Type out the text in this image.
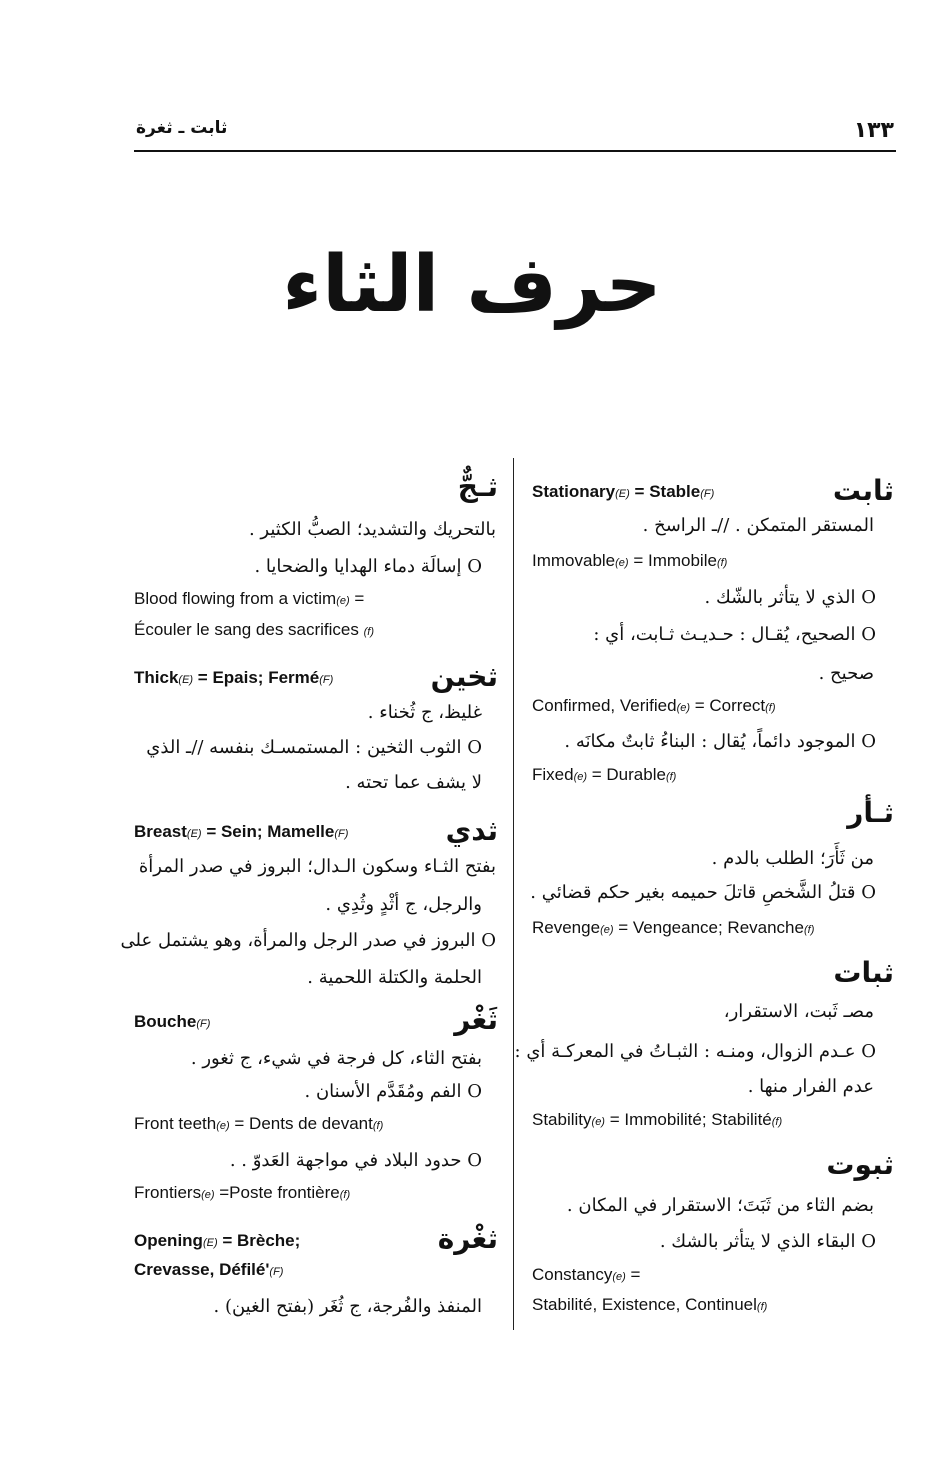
ثابت ـ ثغرة	١٣٣
حرف الثاء
ثابت
Stationary(E) = Stable(F)
المستقر المتمكن . //ـ الراسخ .
Immovable(e) = Immobile(f)
O الذي لا يتأثر بالشّك .
O الصحيح، يُقـال : حـديـث ثـابت، أي :
صحيح .
Confirmed, Verified(e) = Correct(f)
O الموجود دائماً، يُقال : البناءُ ثابتٌ مكانَه .
Fixed(e) = Durable(f)
ثـأر
من ثَأَرَ؛ الطلب بالدم .
O قتلُ الشَّخصِ قاتلَ حميمه بغير حكم قضائي .
Revenge(e) = Vengeance; Revanche(f)
ثبات
مصـ ثَبت، الاستقرار،
O عـدم الزوال، ومنـه : الثبـاتُ في المعركـة أي :
عدم الفرار منها .
Stability(e) = Immobilité; Stabilité(f)
ثبوت
بضم الثاء من ثَبَتَ؛ الاستقرار في المكان .
O البقاء الذي لا يتأثر بالشك .
Constancy(e) =
Stabilité, Existence, Continuel(f)
ثـجٌّ
بالتحريك والتشديد؛ الصبُّ الكثير .
O إسالَة دماء الهدايا والضحايا .
Blood flowing from a victim(e) =
Écouler le sang des sacrifices (f)
ثخين
Thick(E) = Epais; Fermé(F)
غليظ، ج ثُخناء .
O الثوب الثخين : المستمسـك بنفسه //ـ الذي
لا يشف عما تحته .
ثدي
Breast(E) = Sein; Mamelle(F)
بفتح الثـاء وسكون الـدال؛ البروز في صدر المرأة
والرجل، ج أثْدٍ وثُدِي .
O البروز في صدر الرجل والمرأة، وهو يشتمل على
الحلمة والكتلة اللحمية .
ثَغْر
Bouche(F)
بفتح الثاء، كل فرجة في شيء، ج ثغور .
O الفم ومُقَدَّم الأسنان .
Front teeth(e) = Dents de devant(f)
O حدود البلاد في مواجهة العَدوّ . .
Frontiers(e) =Poste frontière(f)
ثغْرة
Opening(E) = Brèche;
Crevasse, Défilé'(F)
المنفذ والفُرجة، ج ثُغَر (بفتح الغين) .
